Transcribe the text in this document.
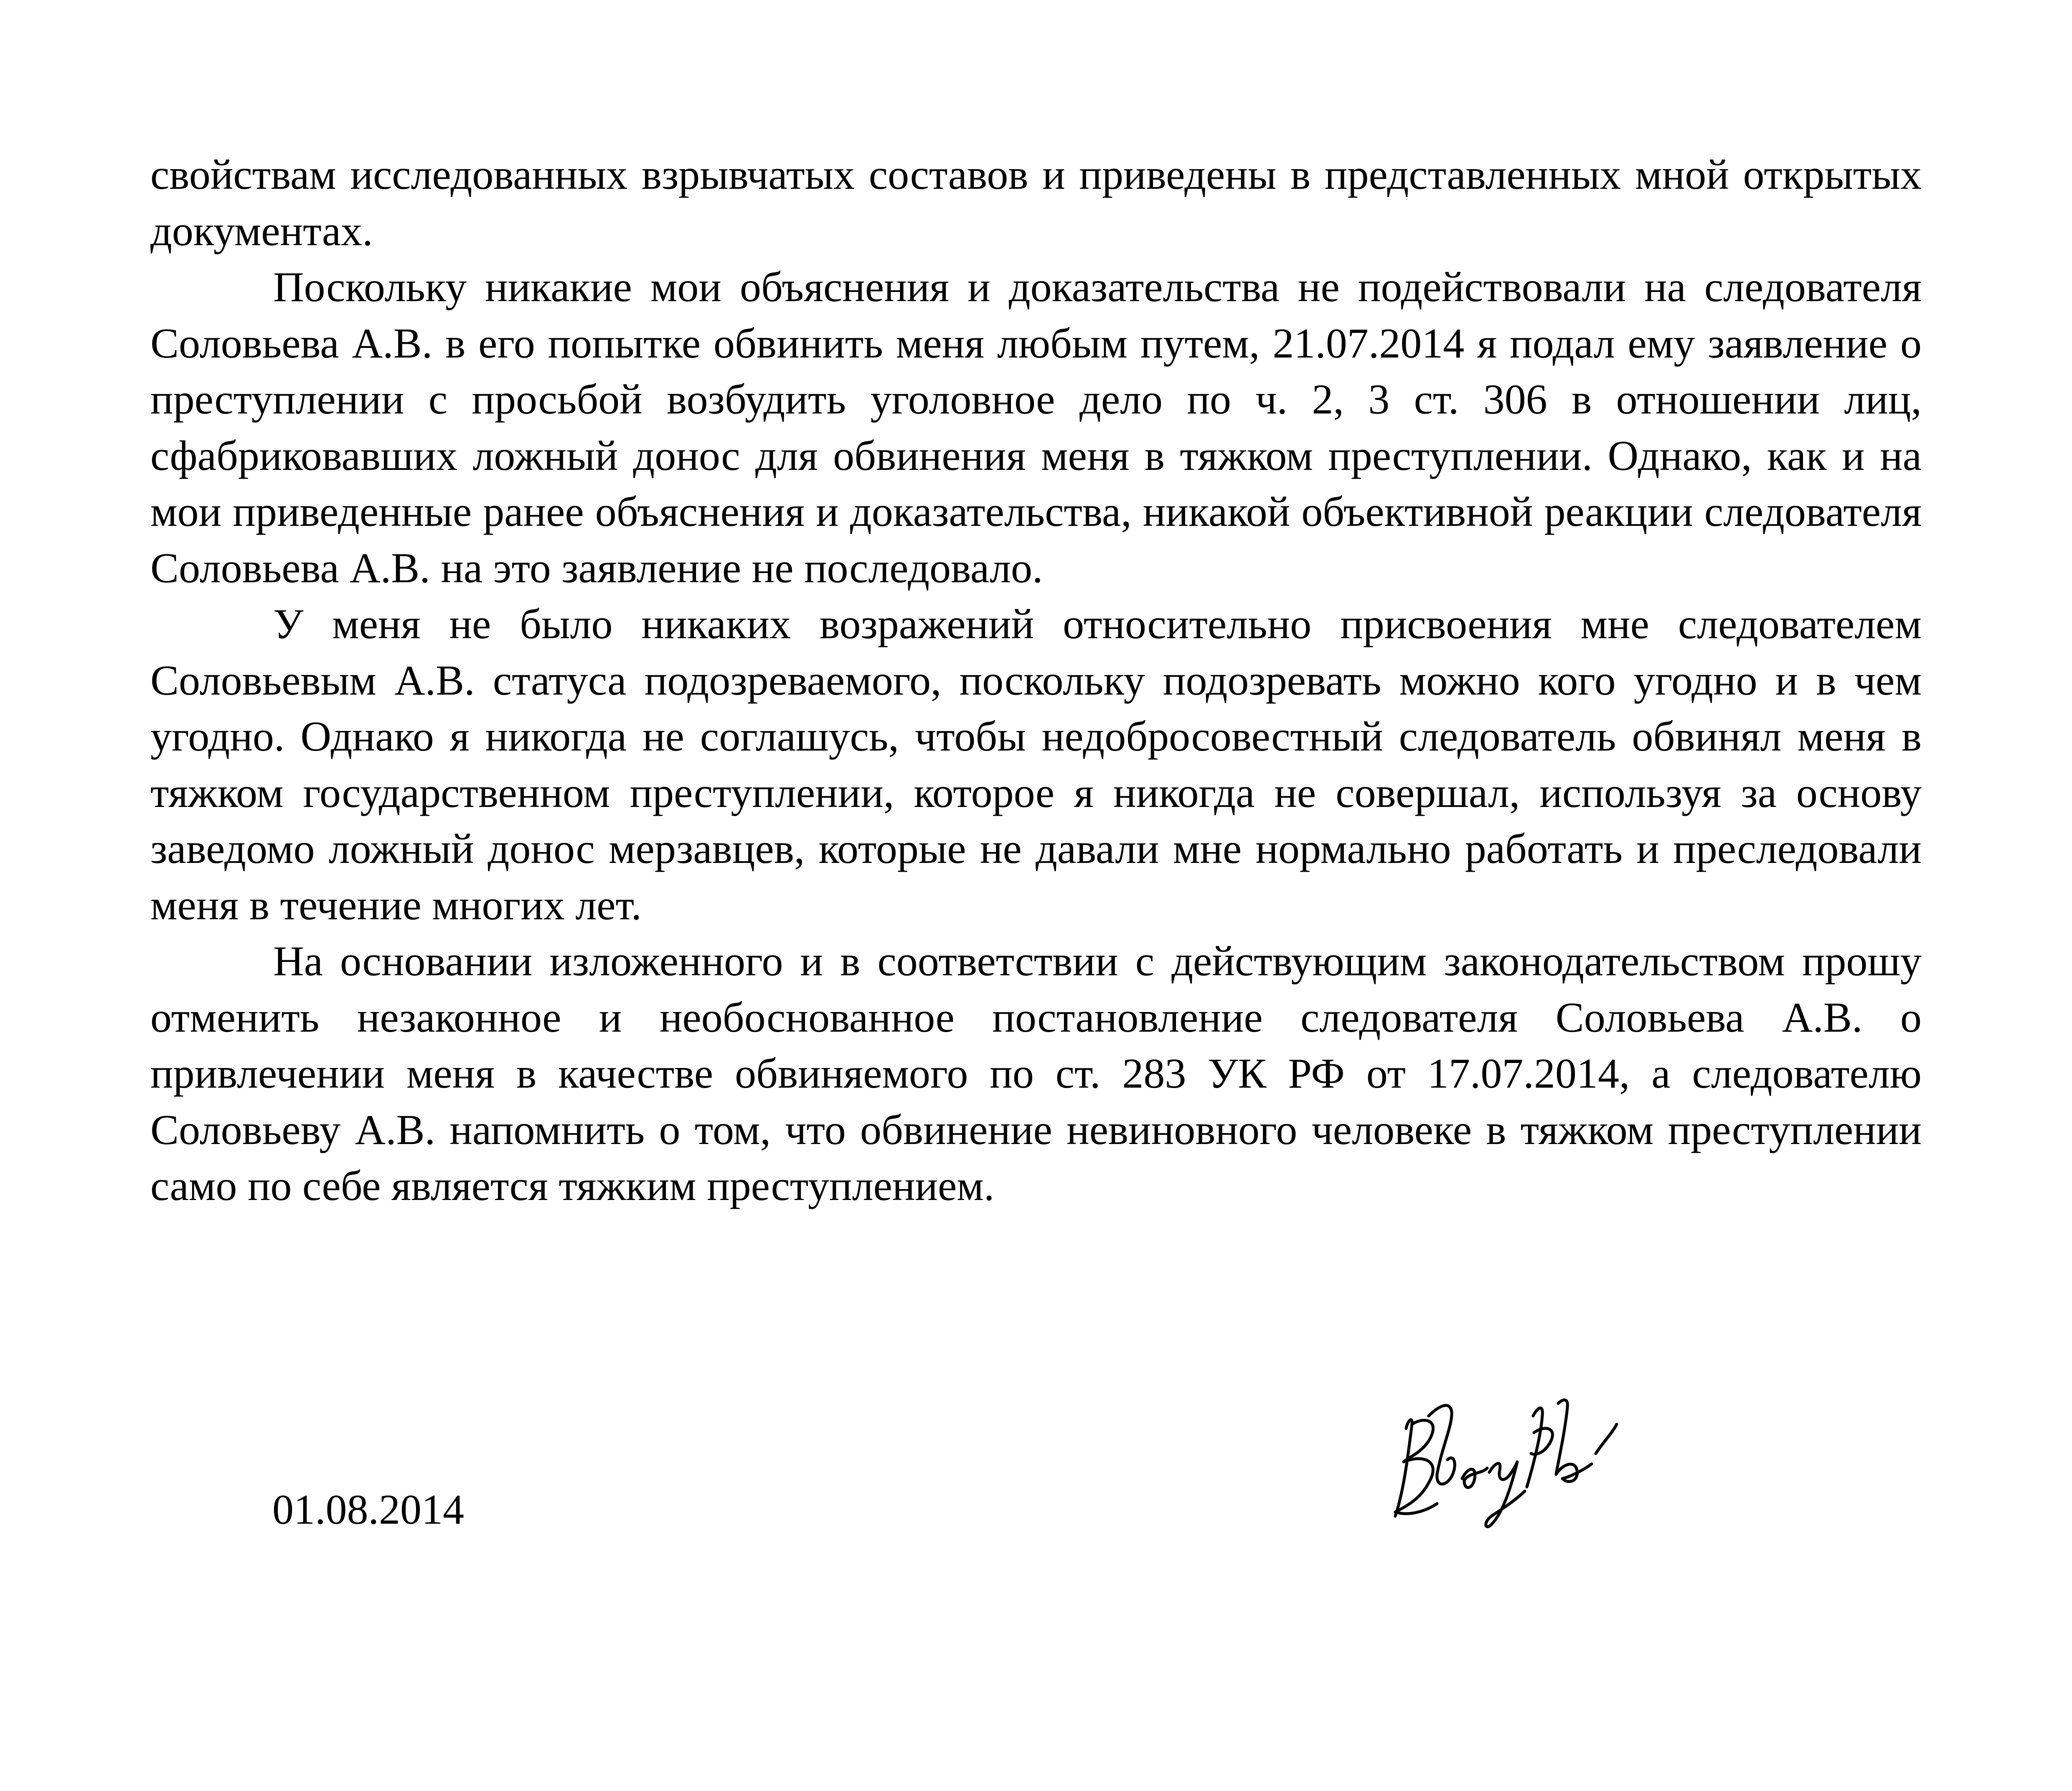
свойствам исследованных взрывчатых составов и приведены в представленных мной открытых документах.

Поскольку никакие мои объяснения и доказательства не подействовали на следователя Соловьева А.В. в его попытке обвинить меня любым путем, 21.07.2014 я подал ему заявление о преступлении с просьбой возбудить уголовное дело по ч. 2, 3 ст. 306 в отношении лиц, сфабриковавших ложный донос для обвинения меня в тяжком преступлении. Однако, как и на мои приведенные ранее объяснения и доказательства, никакой объективной реакции следователя Соловьева А.В. на это заявление не последовало.

У меня не было никаких возражений относительно присвоения мне следователем Соловьевым А.В. статуса подозреваемого, поскольку подозревать можно кого угодно и в чем угодно. Однако я никогда не соглашусь, чтобы недобросовестный следователь обвинял меня в тяжком государственном преступлении, которое я никогда не совершал, используя за основу заведомо ложный донос мерзавцев, которые не давали мне нормально работать и преследовали меня в течение многих лет.

На основании изложенного и в соответствии с действующим законодательством прошу отменить незаконное и необоснованное постановление следователя Соловьева А.В. о привлечении меня в качестве обвиняемого по ст. 283 УК РФ от 17.07.2014, а следователю Соловьеву А.В. напомнить о том, что обвинение невиновного человеке в тяжком преступлении само по себе является тяжким преступлением.

01.08.2014
